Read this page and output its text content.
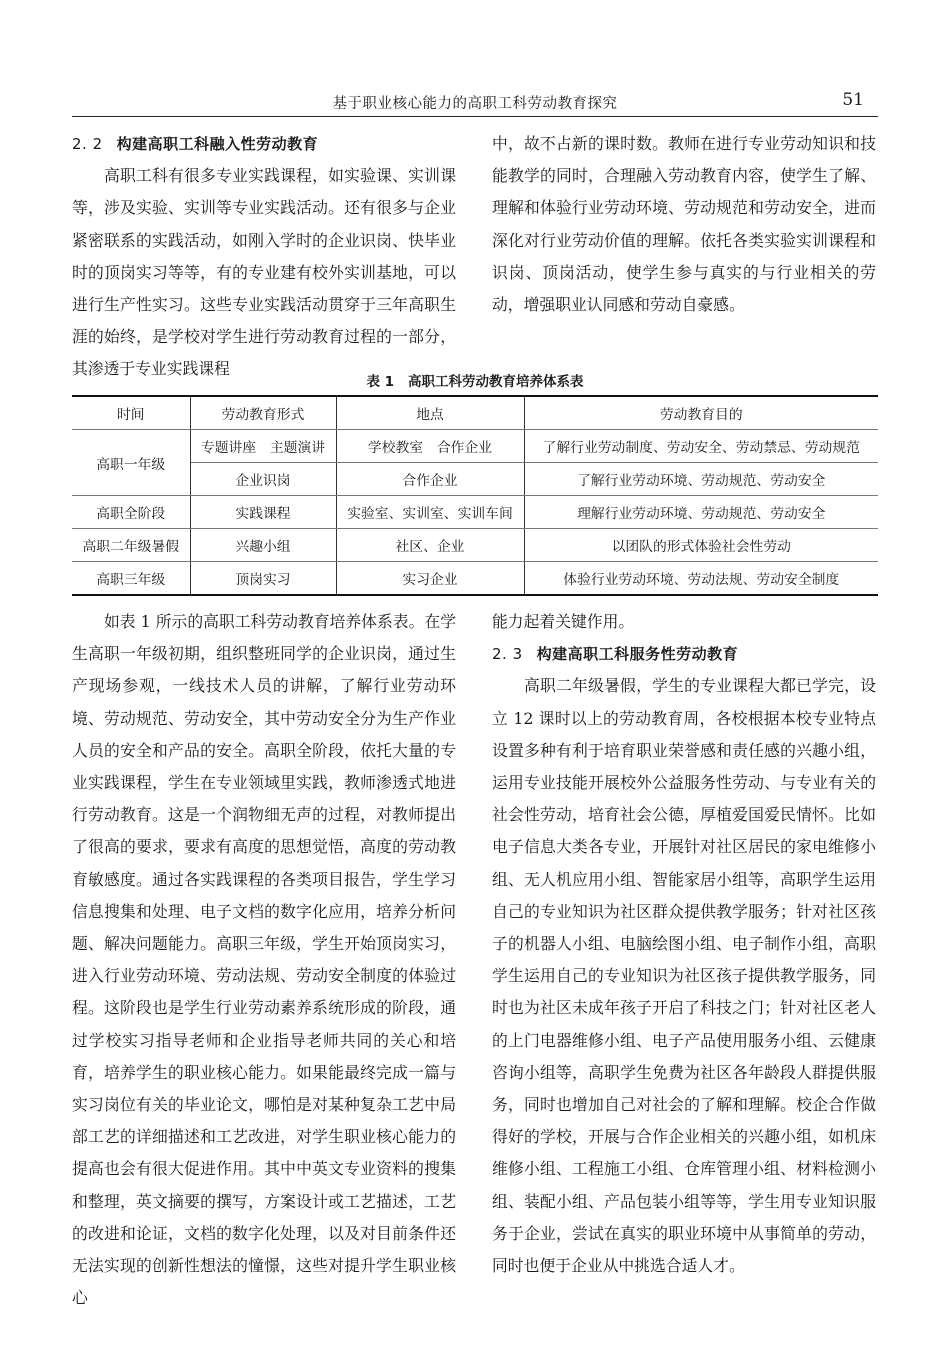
基于职业核心能力的高职工科劳动教育探究	51
2. 2 构建高职工科融入性劳动教育

高职工科有很多专业实践课程，如实验课、实训课等，涉及实验、实训等专业实践活动。还有很多与企业紧密联系的实践活动，如刚入学时的企业识岗、快毕业时的顶岗实习等等，有的专业建有校外实训基地，可以进行生产性实习。这些专业实践活动贯穿于三年高职生涯的始终，是学校对学生进行劳动教育过程的一部分，其渗透于专业实践课程

中，故不占新的课时数。教师在进行专业劳动知识和技能教学的同时，合理融入劳动教育内容，使学生了解、理解和体验行业劳动环境、劳动规范和劳动安全，进而深化对行业劳动价值的理解。依托各类实验实训课程和识岗、顶岗活动，使学生参与真实的与行业相关的劳动，增强职业认同感和劳动自豪感。

表 1 高职工科劳动教育培养体系表
时间	劳动教育形式	地点	劳动教育目的
高职一年级	专题讲座　主题演讲	学校教室　合作企业	了解行业劳动制度、劳动安全、劳动禁忌、劳动规范
	企业识岗	合作企业	了解行业劳动环境、劳动规范、劳动安全
高职全阶段	实践课程	实验室、实训室、实训车间	理解行业劳动环境、劳动规范、劳动安全
高职二年级暑假	兴趣小组	社区、企业	以团队的形式体验社会性劳动
高职三年级	顶岗实习	实习企业	体验行业劳动环境、劳动法规、劳动安全制度

如表 1 所示的高职工科劳动教育培养体系表。在学生高职一年级初期，组织整班同学的企业识岗，通过生产现场参观，一线技术人员的讲解，了解行业劳动环境、劳动规范、劳动安全，其中劳动安全分为生产作业人员的安全和产品的安全。高职全阶段，依托大量的专业实践课程，学生在专业领域里实践，教师渗透式地进行劳动教育。这是一个润物细无声的过程，对教师提出了很高的要求，要求有高度的思想觉悟，高度的劳动教育敏感度。通过各实践课程的各类项目报告，学生学习信息搜集和处理、电子文档的数字化应用，培养分析问题、解决问题能力。高职三年级，学生开始顶岗实习，进入行业劳动环境、劳动法规、劳动安全制度的体验过程。这阶段也是学生行业劳动素养系统形成的阶段，通过学校实习指导老师和企业指导老师共同的关心和培育，培养学生的职业核心能力。如果能最终完成一篇与实习岗位有关的毕业论文，哪怕是对某种复杂工艺中局部工艺的详细描述和工艺改进，对学生职业核心能力的提高也会有很大促进作用。其中中英文专业资料的搜集和整理，英文摘要的撰写，方案设计或工艺描述，工艺的改进和论证，文档的数字化处理，以及对目前条件还无法实现的创新性想法的憧憬，这些对提升学生职业核心

能力起着关键作用。

2. 3 构建高职工科服务性劳动教育

高职二年级暑假，学生的专业课程大都已学完，设立 12 课时以上的劳动教育周，各校根据本校专业特点设置多种有利于培育职业荣誉感和责任感的兴趣小组，运用专业技能开展校外公益服务性劳动、与专业有关的社会性劳动，培育社会公德，厚植爱国爱民情怀。比如电子信息大类各专业，开展针对社区居民的家电维修小组、无人机应用小组、智能家居小组等，高职学生运用自己的专业知识为社区群众提供教学服务；针对社区孩子的机器人小组、电脑绘图小组、电子制作小组，高职学生运用自己的专业知识为社区孩子提供教学服务，同时也为社区未成年孩子开启了科技之门；针对社区老人的上门电器维修小组、电子产品使用服务小组、云健康咨询小组等，高职学生免费为社区各年龄段人群提供服务，同时也增加自己对社会的了解和理解。校企合作做得好的学校，开展与合作企业相关的兴趣小组，如机床维修小组、工程施工小组、仓库管理小组、材料检测小组、装配小组、产品包装小组等等，学生用专业知识服务于企业，尝试在真实的职业环境中从事简单的劳动，同时也便于企业从中挑选合适人才。
